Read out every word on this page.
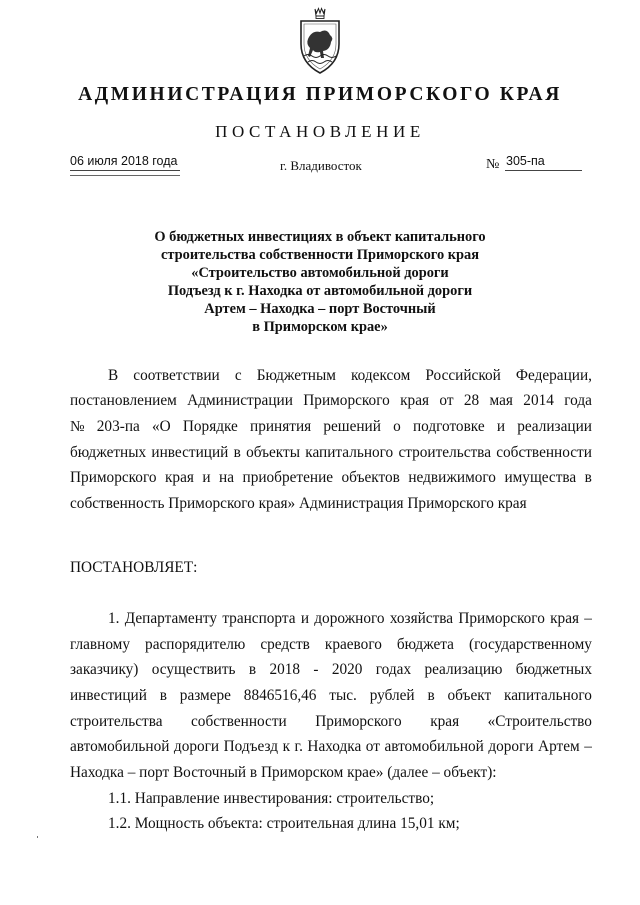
АДМИНИСТРАЦИЯ ПРИМОРСКОГО КРАЯ
ПОСТАНОВЛЕНИЕ
06 июля 2018 года	г. Владивосток	№ 305-па
О бюджетных инвестициях в объект капитального
строительства собственности Приморского края
«Строительство автомобильной дороги
Подъезд к г. Находка от автомобильной дороги
Артем – Находка – порт Восточный
в Приморском крае»
В соответствии с Бюджетным кодексом Российской Федерации,
постановлением Администрации Приморского края от 28 мая 2014 года
№ 203-па «О Порядке принятия решений о подготовке и реализации
бюджетных инвестиций в объекты капитального строительства собственности
Приморского края и на приобретение объектов недвижимого имущества в
собственность Приморского края» Администрация Приморского края
ПОСТАНОВЛЯЕТ:
1. Департаменту транспорта и дорожного хозяйства Приморского края –
главному распорядителю средств краевого бюджета (государственному
заказчику) осуществить в 2018 - 2020 годах реализацию бюджетных
инвестиций в размере 8846516,46 тыс. рублей в объект капитального
строительства собственности Приморского края «Строительство
автомобильной дороги Подъезд к г. Находка от автомобильной дороги Артем –
Находка – порт Восточный в Приморском крае» (далее – объект):
1.1. Направление инвестирования: строительство;
1.2. Мощность объекта: строительная длина 15,01 км;
